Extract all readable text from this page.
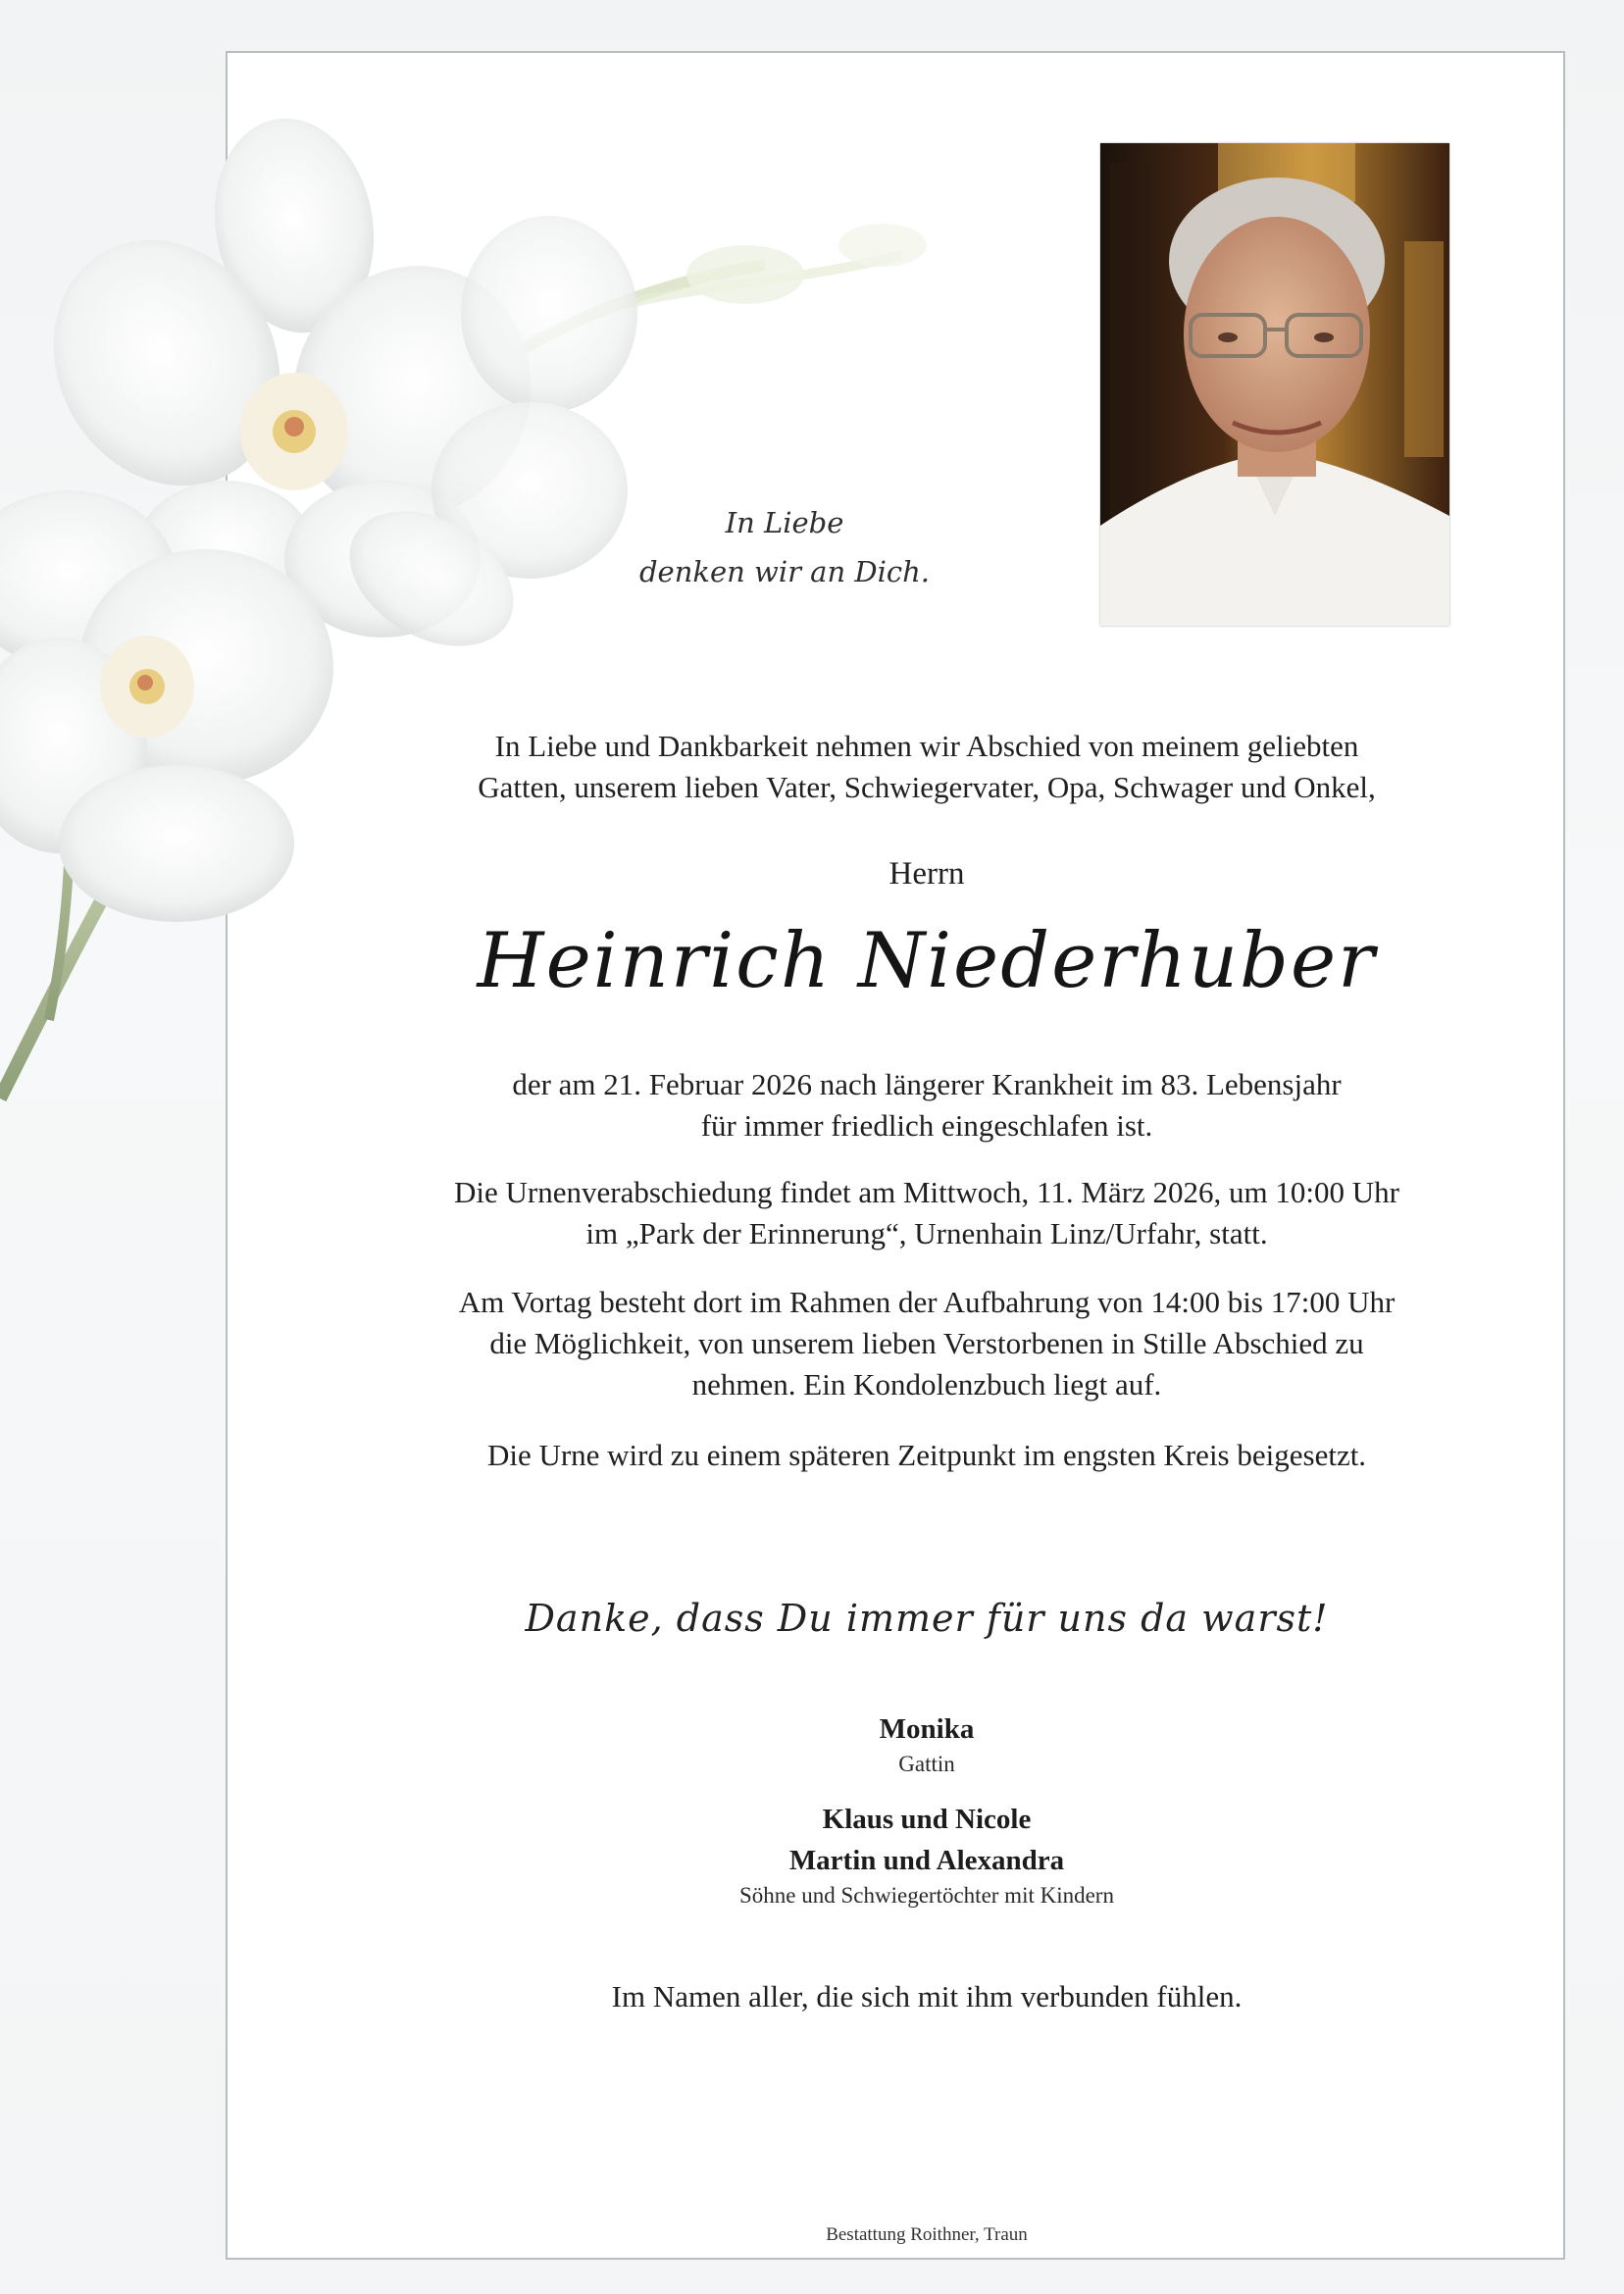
In Liebe
denken wir an Dich.

In Liebe und Dankbarkeit nehmen wir Abschied von meinem geliebten

Gatten, unserem lieben Vater, Schwiegervater, Opa, Schwager und Onkel,

Herrn

Heinrich Niederhuber

der am 21. Februar 2026 nach längerer Krankheit im 83. Lebensjahr

für immer friedlich eingeschlafen ist.

Die Urnenverabschiedung findet am Mittwoch, 11. März 2026, um 10:00 Uhr

im „Park der Erinnerung“, Urnenhain Linz/Urfahr, statt.

Am Vortag besteht dort im Rahmen der Aufbahrung von 14:00 bis 17:00 Uhr

die Möglichkeit, von unserem lieben Verstorbenen in Stille Abschied zu

nehmen. Ein Kondolenzbuch liegt auf.

Die Urne wird zu einem späteren Zeitpunkt im engsten Kreis beigesetzt.

Danke, dass Du immer für uns da warst!

Monika

Gattin

Klaus und Nicole

Martin und Alexandra

Söhne und Schwiegertöchter mit Kindern

Im Namen aller, die sich mit ihm verbunden fühlen.

Bestattung Roithner, Traun
